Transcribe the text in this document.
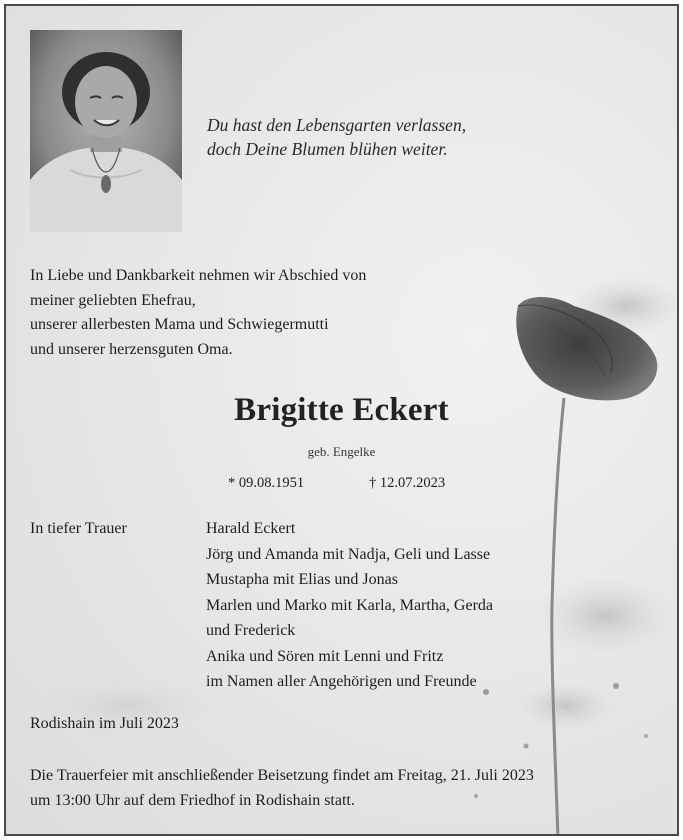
Du hast den Lebensgarten verlassen,
doch Deine Blumen blühen weiter.
In Liebe und Dankbarkeit nehmen wir Abschied von
meiner geliebten Ehefrau,
unserer allerbesten Mama und Schwiegermutti
und unserer herzensguten Oma.
Brigitte Eckert
geb. Engelke
* 09.08.1951	† 12.07.2023
In tiefer Trauer	Harald Eckert
Jörg und Amanda mit Nadja, Geli und Lasse
Mustapha mit Elias und Jonas
Marlen und Marko mit Karla, Martha, Gerda
und Frederick
Anika und Sören mit Lenni und Fritz
im Namen aller Angehörigen und Freunde
Rodishain im Juli 2023
Die Trauerfeier mit anschließender Beisetzung findet am Freitag, 21. Juli 2023
um 13:00 Uhr auf dem Friedhof in Rodishain statt.
